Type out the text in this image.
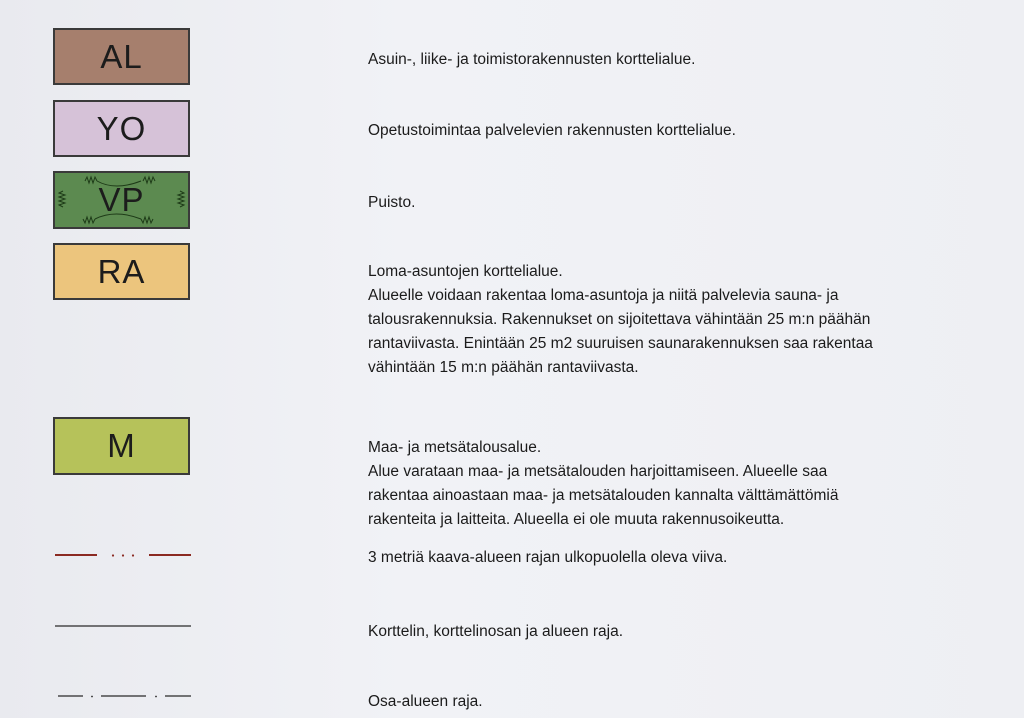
AL	Asuin-, liike- ja toimistorakennusten korttelialue.
YO	Opetustoimintaa palvelevien rakennusten korttelialue.
VP	Puisto.
RA	Loma-asuntojen korttelialue.
Alueelle voidaan rakentaa loma-asuntoja ja niitä palvelevia sauna- ja
talousrakennuksia. Rakennukset on sijoitettava vähintään 25 m:n päähän
rantaviivasta. Enintään 25 m2 suuruisen saunarakennuksen saa rakentaa
vähintään 15 m:n päähän rantaviivasta.
M	Maa- ja metsätalousalue.
Alue varataan maa- ja metsätalouden harjoittamiseen. Alueelle saa
rakentaa ainoastaan maa- ja metsätalouden kannalta välttämättömiä
rakenteita ja laitteita. Alueella ei ole muuta rakennusoikeutta.
3 metriä kaava-alueen rajan ulkopuolella oleva viiva.
Korttelin, korttelinosan ja alueen raja.
Osa-alueen raja.
